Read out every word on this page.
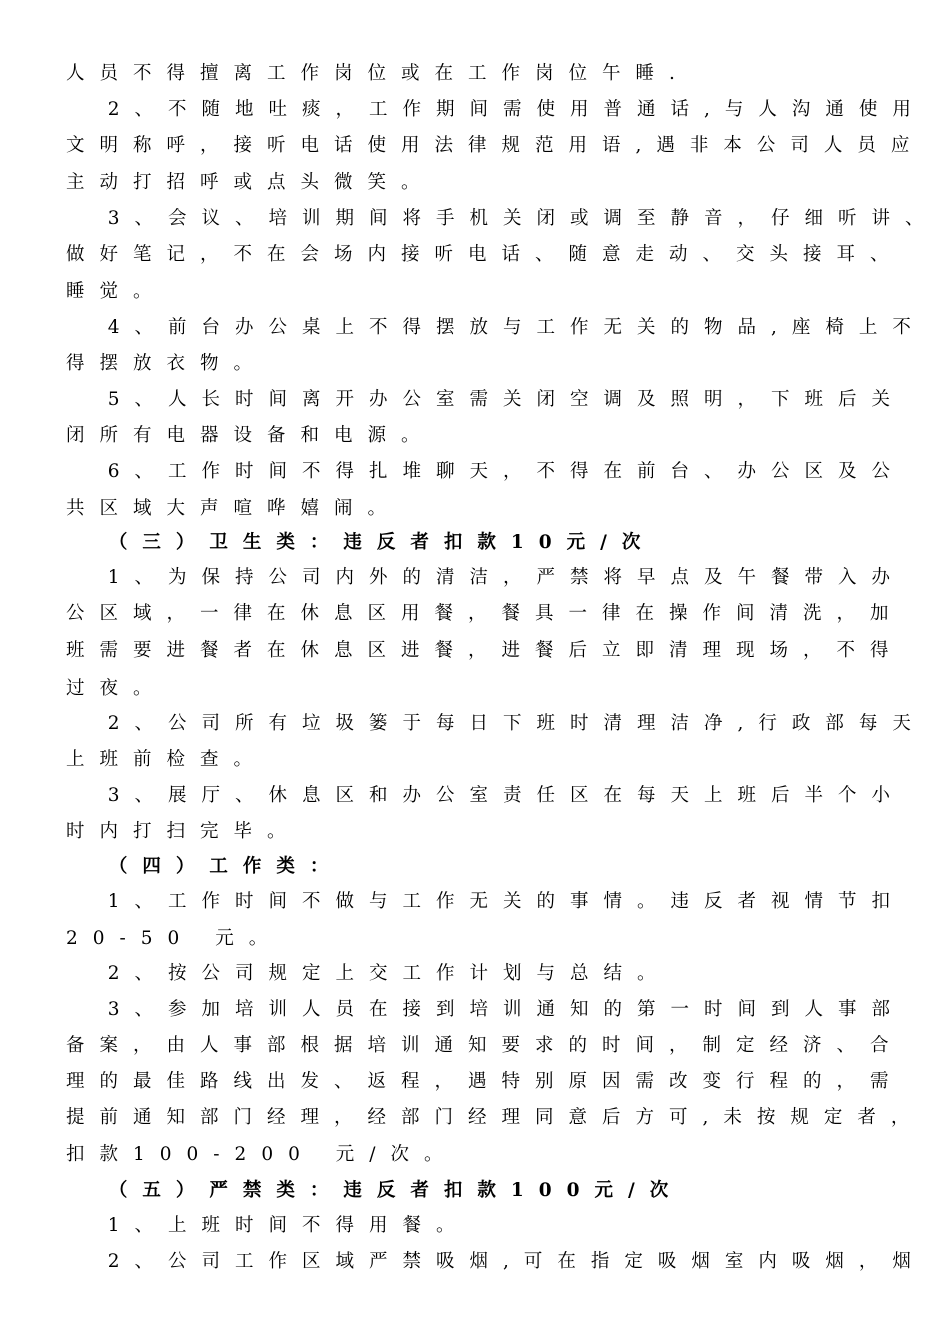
人员不得擅离工作岗位或在工作岗位午睡.
2、不随地吐痰，工作期间需使用普通话,与人沟通使用
文明称呼，接听电话使用法律规范用语,遇非本公司人员应
主动打招呼或点头微笑。
3、会议、培训期间将手机关闭或调至静音，仔细听讲、
做好笔记，不在会场内接听电话、随意走动、交头接耳、
睡觉。
4、前台办公桌上不得摆放与工作无关的物品,座椅上不
得摆放衣物。
5、人长时间离开办公室需关闭空调及照明，下班后关
闭所有电器设备和电源。
6、工作时间不得扎堆聊天，不得在前台、办公区及公
共区域大声喧哗嬉闹。
（三）卫生类：违反者扣款10元/次
1、为保持公司内外的清洁，严禁将早点及午餐带入办
公区域，一律在休息区用餐，餐具一律在操作间清洗，加
班需要进餐者在休息区进餐，进餐后立即清理现场，不得
过夜。
2、公司所有垃圾篓于每日下班时清理洁净,行政部每天
上班前检查。
3、展厅、休息区和办公室责任区在每天上班后半个小
时内打扫完毕。
（四）工作类：
1、工作时间不做与工作无关的事情。违反者视情节扣
20-50 元。
2、按公司规定上交工作计划与总结。
3、参加培训人员在接到培训通知的第一时间到人事部
备案，由人事部根据培训通知要求的时间，制定经济、合
理的最佳路线出发、返程，遇特别原因需改变行程的，需
提前通知部门经理，经部门经理同意后方可,未按规定者，
扣款100-200 元/次。
（五）严禁类：违反者扣款100元/次
1、上班时间不得用餐。
2、公司工作区域严禁吸烟,可在指定吸烟室内吸烟，烟
